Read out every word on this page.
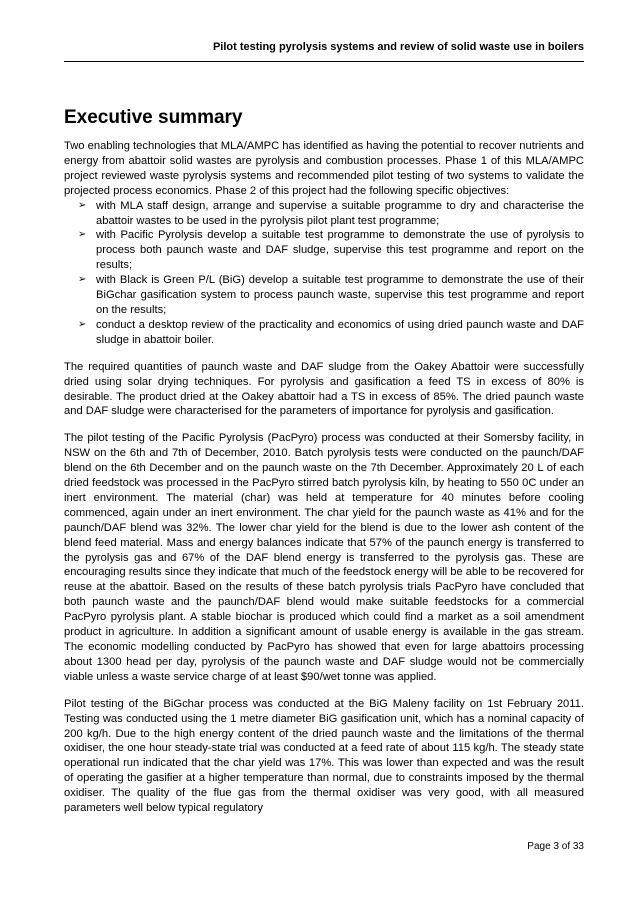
Pilot testing pyrolysis systems and review of solid waste use in boilers
Executive summary

Two enabling technologies that MLA/AMPC has identified as having the potential to recover nutrients and energy from abattoir solid wastes are pyrolysis and combustion processes. Phase 1 of this MLA/AMPC project reviewed waste pyrolysis systems and recommended pilot testing of two systems to validate the projected process economics. Phase 2 of this project had the following specific objectives:

➢ with MLA staff design, arrange and supervise a suitable programme to dry and characterise the abattoir wastes to be used in the pyrolysis pilot plant test programme;
➢ with Pacific Pyrolysis develop a suitable test programme to demonstrate the use of pyrolysis to process both paunch waste and DAF sludge, supervise this test programme and report on the results;
➢ with Black is Green P/L (BiG) develop a suitable test programme to demonstrate the use of their BiGchar gasification system to process paunch waste, supervise this test programme and report on the results;
➢ conduct a desktop review of the practicality and economics of using dried paunch waste and DAF sludge in abattoir boiler.

The required quantities of paunch waste and DAF sludge from the Oakey Abattoir were successfully dried using solar drying techniques. For pyrolysis and gasification a feed TS in excess of 80% is desirable. The product dried at the Oakey abattoir had a TS in excess of 85%. The dried paunch waste and DAF sludge were characterised for the parameters of importance for pyrolysis and gasification.

The pilot testing of the Pacific Pyrolysis (PacPyro) process was conducted at their Somersby facility, in NSW on the 6th and 7th of December, 2010. Batch pyrolysis tests were conducted on the paunch/DAF blend on the 6th December and on the paunch waste on the 7th December. Approximately 20 L of each dried feedstock was processed in the PacPyro stirred batch pyrolysis kiln, by heating to 550 0C under an inert environment. The material (char) was held at temperature for 40 minutes before cooling commenced, again under an inert environment. The char yield for the paunch waste as 41% and for the paunch/DAF blend was 32%. The lower char yield for the blend is due to the lower ash content of the blend feed material. Mass and energy balances indicate that 57% of the paunch energy is transferred to the pyrolysis gas and 67% of the DAF blend energy is transferred to the pyrolysis gas. These are encouraging results since they indicate that much of the feedstock energy will be able to be recovered for reuse at the abattoir. Based on the results of these batch pyrolysis trials PacPyro have concluded that both paunch waste and the paunch/DAF blend would make suitable feedstocks for a commercial PacPyro pyrolysis plant. A stable biochar is produced which could find a market as a soil amendment product in agriculture. In addition a significant amount of usable energy is available in the gas stream. The economic modelling conducted by PacPyro has showed that even for large abattoirs processing about 1300 head per day, pyrolysis of the paunch waste and DAF sludge would not be commercially viable unless a waste service charge of at least $90/wet tonne was applied.

Pilot testing of the BiGchar process was conducted at the BiG Maleny facility on 1st February 2011. Testing was conducted using the 1 metre diameter BiG gasification unit, which has a nominal capacity of 200 kg/h. Due to the high energy content of the dried paunch waste and the limitations of the thermal oxidiser, the one hour steady-state trial was conducted at a feed rate of about 115 kg/h. The steady state operational run indicated that the char yield was 17%. This was lower than expected and was the result of operating the gasifier at a higher temperature than normal, due to constraints imposed by the thermal oxidiser. The quality of the flue gas from the thermal oxidiser was very good, with all measured parameters well below typical regulatory

Page 3 of 33
